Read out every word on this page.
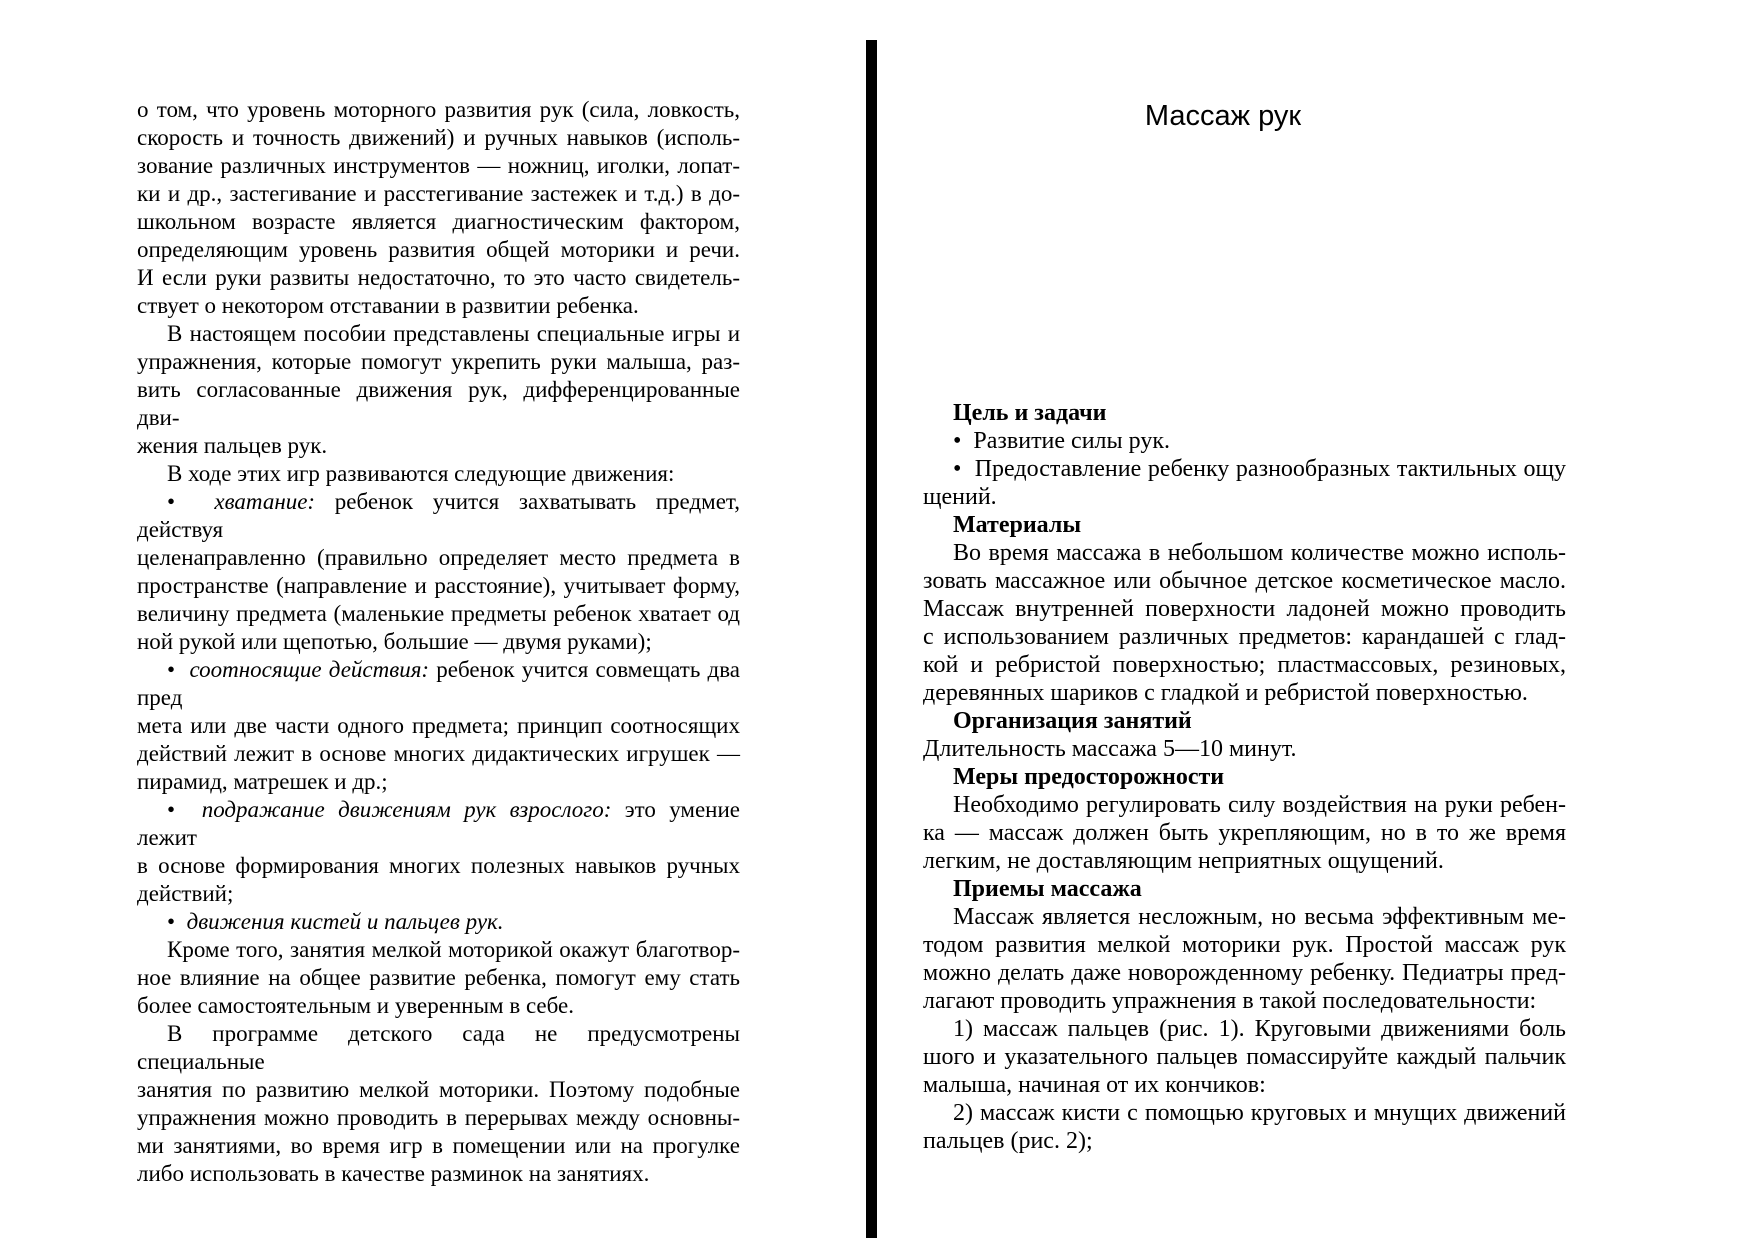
о том, что уровень моторного развития рук (сила, ловкость,
скорость и точность движений) и ручных навыков (исполь-
зование различных инструментов — ножниц, иголки, лопат-
ки и др., застегивание и расстегивание застежек и т.д.) в до-
школьном возрасте является диагностическим фактором,
определяющим уровень развития общей моторики и речи.
И если руки развиты недостаточно, то это часто свидетель-
ствует о некотором отставании в развитии ребенка.
В настоящем пособии представлены специальные игры и
упражнения, которые помогут укрепить руки малыша, раз-
вить согласованные движения рук, дифференцированные дви-
жения пальцев рук.
В ходе этих игр развиваются следующие движения:
•  хватание: ребенок учится захватывать предмет, действуя
целенаправленно (правильно определяет место предмета в
пространстве (направление и расстояние), учитывает форму,
величину предмета (маленькие предметы ребенок хватает од
ной рукой или щепотью, большие — двумя руками);
•  соотносящие действия: ребенок учится совмещать два пред
мета или две части одного предмета; принцип соотносящих
действий лежит в основе многих дидактических игрушек —
пирамид, матрешек и др.;
•  подражание движениям рук взрослого: это умение лежит
в основе формирования многих полезных навыков ручных
действий;
•  движения кистей и пальцев рук.
Кроме того, занятия мелкой моторикой окажут благотвор-
ное влияние на общее развитие ребенка, помогут ему стать
более самостоятельным и уверенным в себе.
В программе детского сада не предусмотрены специальные
занятия по развитию мелкой моторики. Поэтому подобные
упражнения можно проводить в перерывах между основны-
ми занятиями, во время игр в помещении или на прогулке
либо использовать в качестве разминок на занятиях.
Массаж рук
Цель и задачи
•  Развитие силы рук.
•  Предоставление ребенку разнообразных тактильных ощу
щений.
Материалы
Во время массажа в небольшом количестве можно исполь-
зовать массажное или обычное детское косметическое масло.
Массаж внутренней поверхности ладоней можно проводить
с использованием различных предметов: карандашей с глад-
кой и ребристой поверхностью; пластмассовых, резиновых,
деревянных шариков с гладкой и ребристой поверхностью.
Организация занятий
Длительность массажа 5—10 минут.
Меры предосторожности
Необходимо регулировать силу воздействия на руки ребен-
ка — массаж должен быть укрепляющим, но в то же время
легким, не доставляющим неприятных ощущений.
Приемы массажа
Массаж является несложным, но весьма эффективным ме-
тодом развития мелкой моторики рук. Простой массаж рук
можно делать даже новорожденному ребенку. Педиатры пред-
лагают проводить упражнения в такой последовательности:
1) массаж пальцев (рис. 1). Круговыми движениями боль
шого и указательного пальцев помассируйте каждый пальчик
малыша, начиная от их кончиков:
2) массаж кисти с помощью круговых и мнущих движений
пальцев (рис. 2);
